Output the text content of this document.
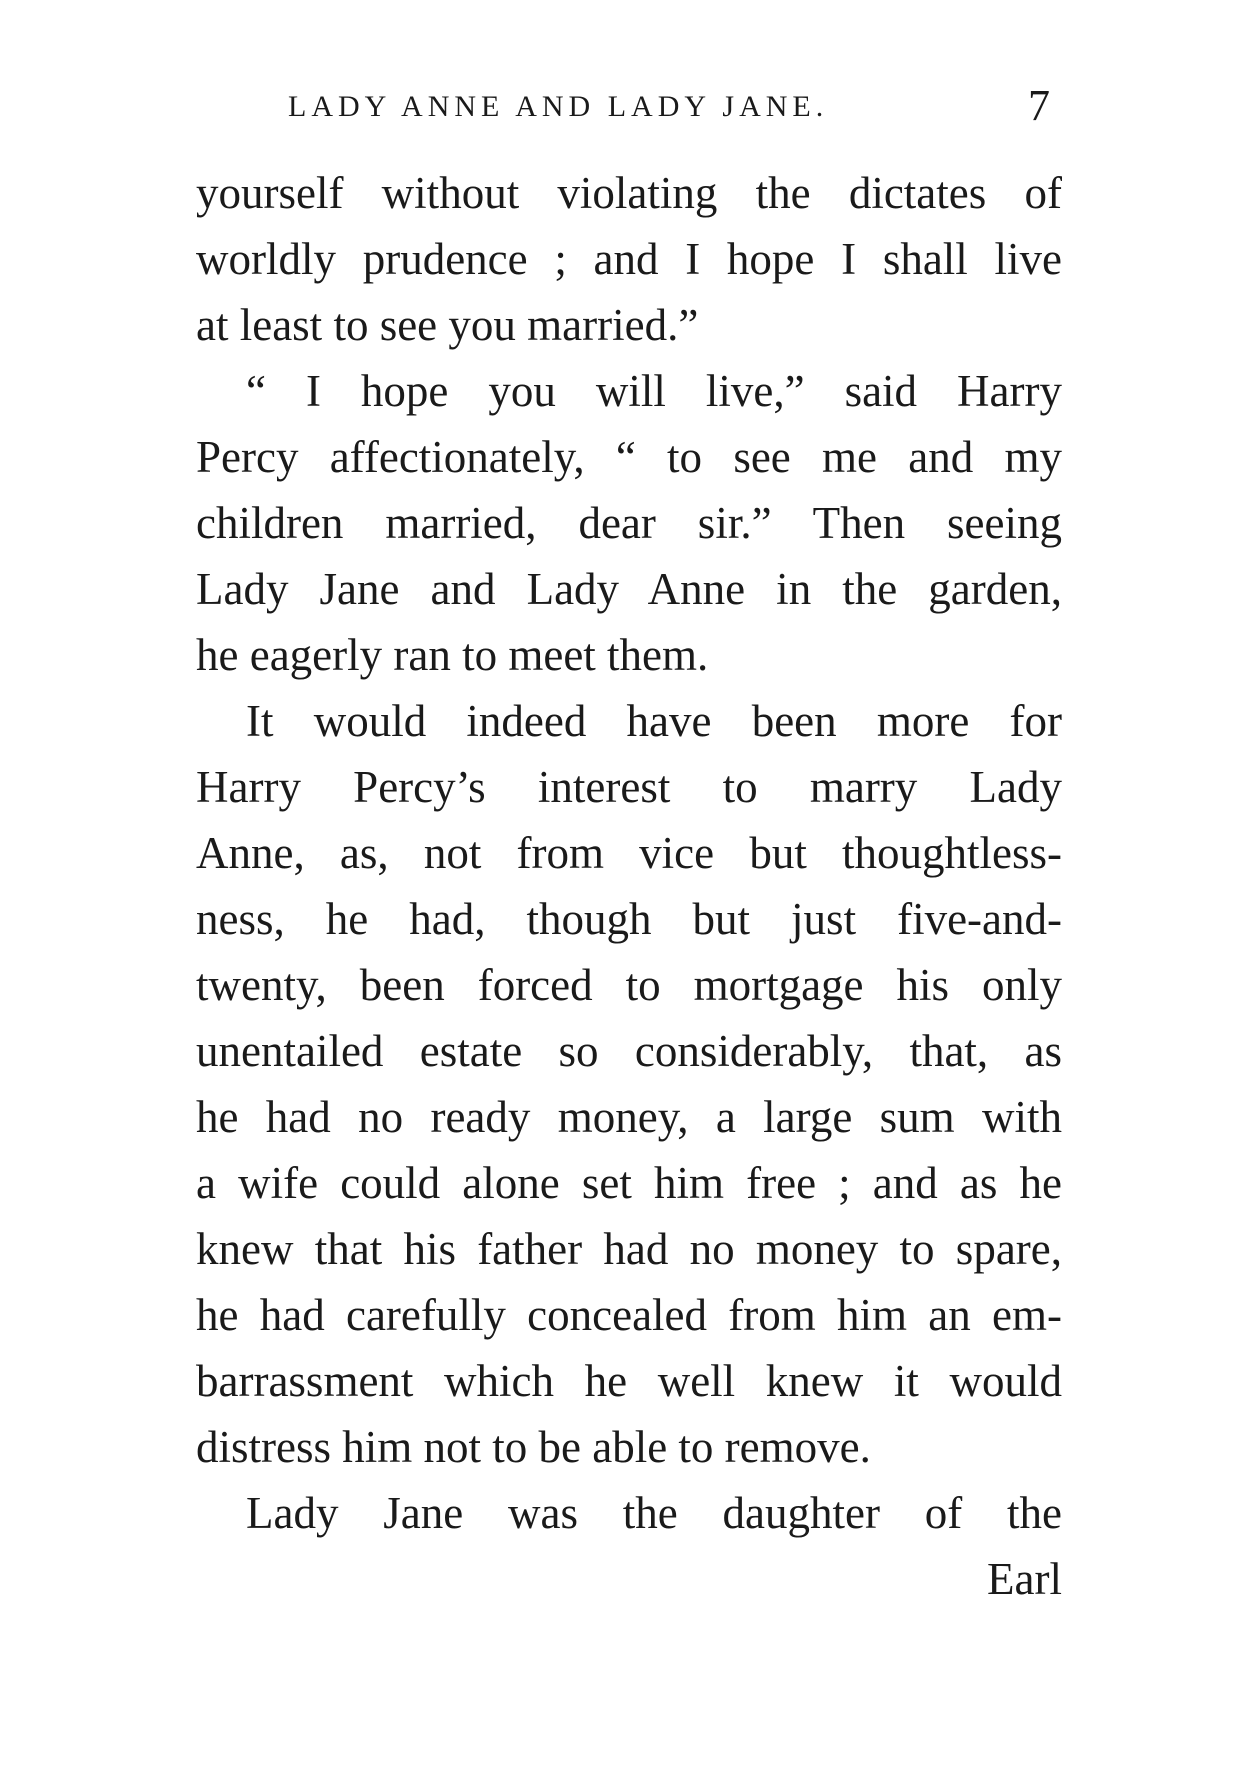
LADY ANNE AND LADY JANE.	7
yourself without violating the dictates of
worldly prudence ; and I hope I shall live
at least to see you married.”
“ I hope you will live,” said Harry
Percy affectionately, “ to see me and my
children married, dear sir.” Then seeing
Lady Jane and Lady Anne in the garden,
he eagerly ran to meet them.
It would indeed have been more for
Harry Percy’s interest to marry Lady
Anne, as, not from vice but thoughtless-
ness, he had, though but just five-and-
twenty, been forced to mortgage his only
unentailed estate so considerably, that, as
he had no ready money, a large sum with
a wife could alone set him free ; and as he
knew that his father had no money to spare,
he had carefully concealed from him an em-
barrassment which he well knew it would
distress him not to be able to remove.
Lady Jane was the daughter of the
Earl
